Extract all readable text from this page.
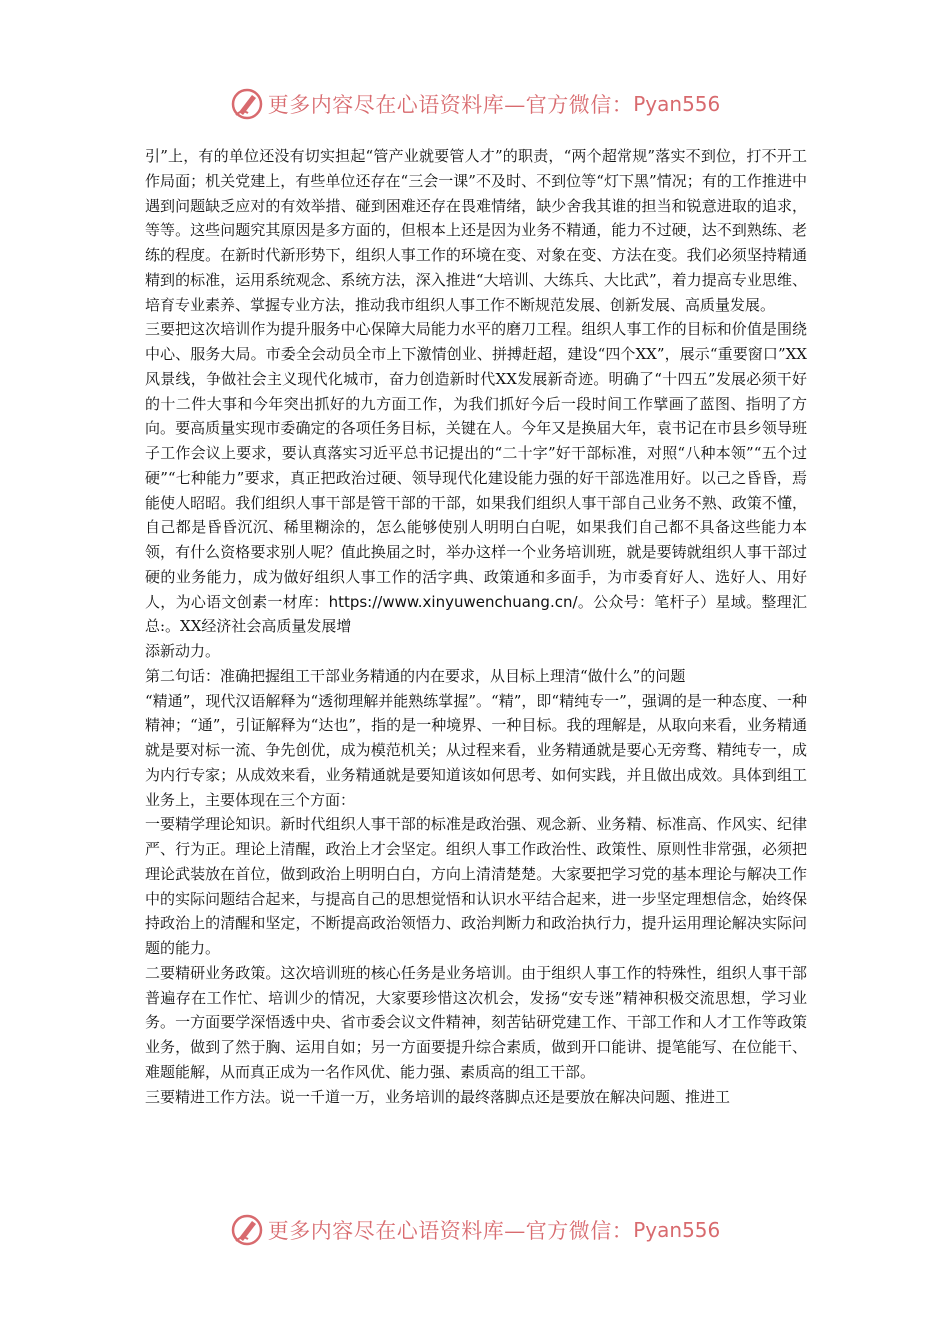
更多内容尽在心语资料库—官方微信： Pyan556

引”上，有的单位还没有切实担起“管产业就要管人才”的职责，“两个超常规”落实不到位，打不开工作局面；机关党建上，有些单位还存在“三会一课”不及时、不到位等“灯下黑”情况；有的工作推进中遇到问题缺乏应对的有效举措、碰到困难还存在畏难情绪，缺少舍我其谁的担当和锐意进取的追求，等等。这些问题究其原因是多方面的，但根本上还是因为业务不精通，能力不过硬，达不到熟练、老练的程度。在新时代新形势下，组织人事工作的环境在变、对象在变、方法在变。我们必须坚持精通精到的标准，运用系统观念、系统方法，深入推进“大培训、大练兵、大比武”，着力提高专业思维、培育专业素养、掌握专业方法，推动我市组织人事工作不断规范发展、创新发展、高质量发展。

三要把这次培训作为提升服务中心保障大局能力水平的磨刀工程。组织人事工作的目标和价值是围绕中心、服务大局。市委全会动员全市上下激情创业、拼搏赶超，建设“四个XX”，展示“重要窗口”XX风景线，争做社会主义现代化城市，奋力创造新时代XX发展新奇迹。明确了“十四五”发展必须干好的十二件大事和今年突出抓好的九方面工作，为我们抓好今后一段时间工作擘画了蓝图、指明了方向。要高质量实现市委确定的各项任务目标，关键在人。今年又是换届大年，袁书记在市县乡领导班子工作会议上要求，要认真落实习近平总书记提出的“二十字”好干部标准，对照“八种本领”“五个过硬”“七种能力”要求，真正把政治过硬、领导现代化建设能力强的好干部选准用好。以己之昏昏，焉能使人昭昭。我们组织人事干部是管干部的干部，如果我们组织人事干部自己业务不熟、政策不懂，自己都是昏昏沉沉、稀里糊涂的，怎么能够使别人明明白白呢，如果我们自己都不具备这些能力本领，有什么资格要求别人呢？值此换届之时，举办这样一个业务培训班，就是要铸就组织人事干部过硬的业务能力，成为做好组织人事工作的活字典、政策通和多面手，为市委育好人、选好人、用好人，为心语文创素一材库：https://www.xinyuwenchuang.cn/。公众号：笔杆子）星域。整理汇总:。XX经济社会高质量发展增

添新动力。

第二句话：准确把握组工干部业务精通的内在要求，从目标上理清“做什么”的问题

“精通”，现代汉语解释为“透彻理解并能熟练掌握”。“精”，即“精纯专一”，强调的是一种态度、一种精神；“通”，引证解释为“达也”，指的是一种境界、一种目标。我的理解是，从取向来看，业务精通就是要对标一流、争先创优，成为模范机关；从过程来看，业务精通就是要心无旁骛、精纯专一，成为内行专家；从成效来看，业务精通就是要知道该如何思考、如何实践，并且做出成效。具体到组工业务上，主要体现在三个方面：

一要精学理论知识。新时代组织人事干部的标准是政治强、观念新、业务精、标准高、作风实、纪律严、行为正。理论上清醒，政治上才会坚定。组织人事工作政治性、政策性、原则性非常强，必须把理论武装放在首位，做到政治上明明白白，方向上清清楚楚。大家要把学习党的基本理论与解决工作中的实际问题结合起来，与提高自己的思想觉悟和认识水平结合起来，进一步坚定理想信念，始终保持政治上的清醒和坚定，不断提高政治领悟力、政治判断力和政治执行力，提升运用理论解决实际问题的能力。

二要精研业务政策。这次培训班的核心任务是业务培训。由于组织人事工作的特殊性，组织人事干部普遍存在工作忙、培训少的情况，大家要珍惜这次机会，发扬“安专迷”精神积极交流思想，学习业务。一方面要学深悟透中央、省市委会议文件精神，刻苦钻研党建工作、干部工作和人才工作等政策业务，做到了然于胸、运用自如；另一方面要提升综合素质，做到开口能讲、提笔能写、在位能干、难题能解，从而真正成为一名作风优、能力强、素质高的组工干部。

三要精进工作方法。说一千道一万，业务培训的最终落脚点还是要放在解决问题、推进工

更多内容尽在心语资料库—官方微信： Pyan556
